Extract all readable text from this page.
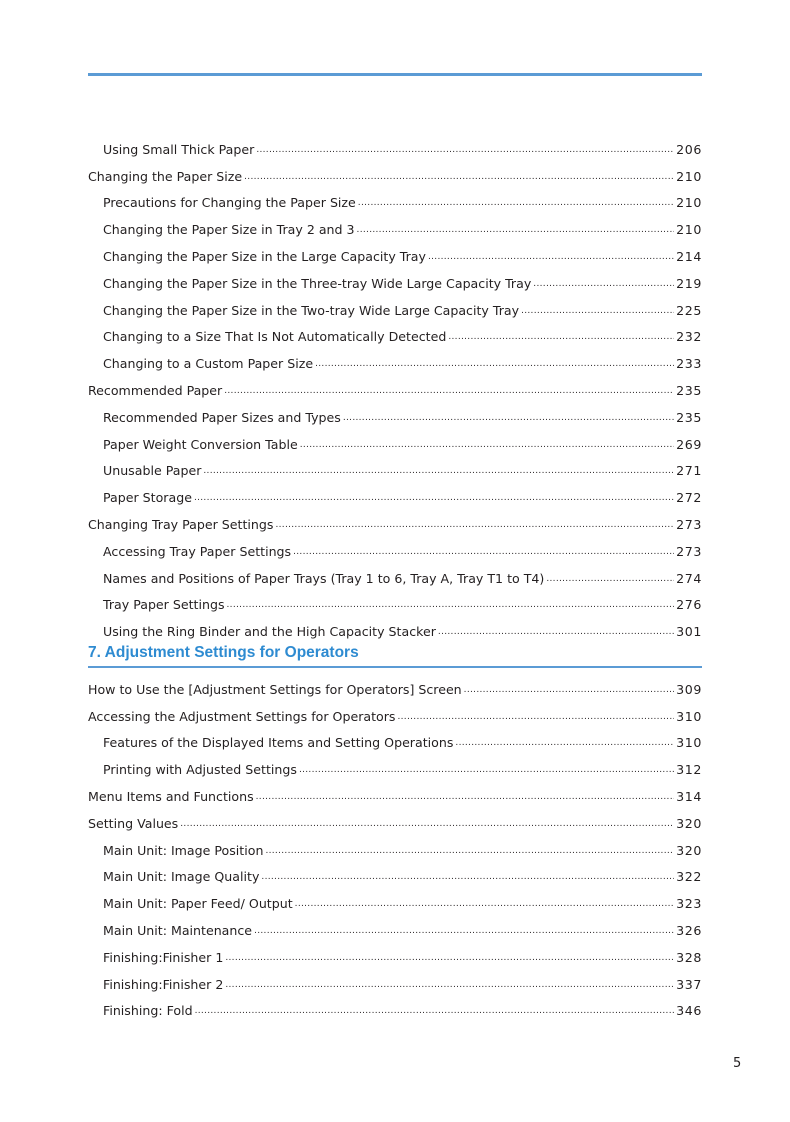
Using Small Thick Paper .....	206
Changing the Paper Size .....	210
Precautions for Changing the Paper Size .....	210
Changing the Paper Size in Tray 2 and 3 .....	210
Changing the Paper Size in the Large Capacity Tray .....	214
Changing the Paper Size in the Three-tray Wide Large Capacity Tray .....	219
Changing the Paper Size in the Two-tray Wide Large Capacity Tray .....	225
Changing to a Size That Is Not Automatically Detected .....	232
Changing to a Custom Paper Size .....	233
Recommended Paper .....	235
Recommended Paper Sizes and Types .....	235
Paper Weight Conversion Table .....	269
Unusable Paper .....	271
Paper Storage .....	272
Changing Tray Paper Settings .....	273
Accessing Tray Paper Settings .....	273
Names and Positions of Paper Trays (Tray 1 to 6, Tray A, Tray T1 to T4) .....	274
Tray Paper Settings .....	276
Using the Ring Binder and the High Capacity Stacker .....	301
7. Adjustment Settings for Operators
How to Use the [Adjustment Settings for Operators] Screen .....	309
Accessing the Adjustment Settings for Operators .....	310
Features of the Displayed Items and Setting Operations .....	310
Printing with Adjusted Settings .....	312
Menu Items and Functions .....	314
Setting Values .....	320
Main Unit: Image Position .....	320
Main Unit: Image Quality .....	322
Main Unit: Paper Feed/ Output .....	323
Main Unit: Maintenance .....	326
Finishing:Finisher 1 .....	328
Finishing:Finisher 2 .....	337
Finishing: Fold .....	346
5
